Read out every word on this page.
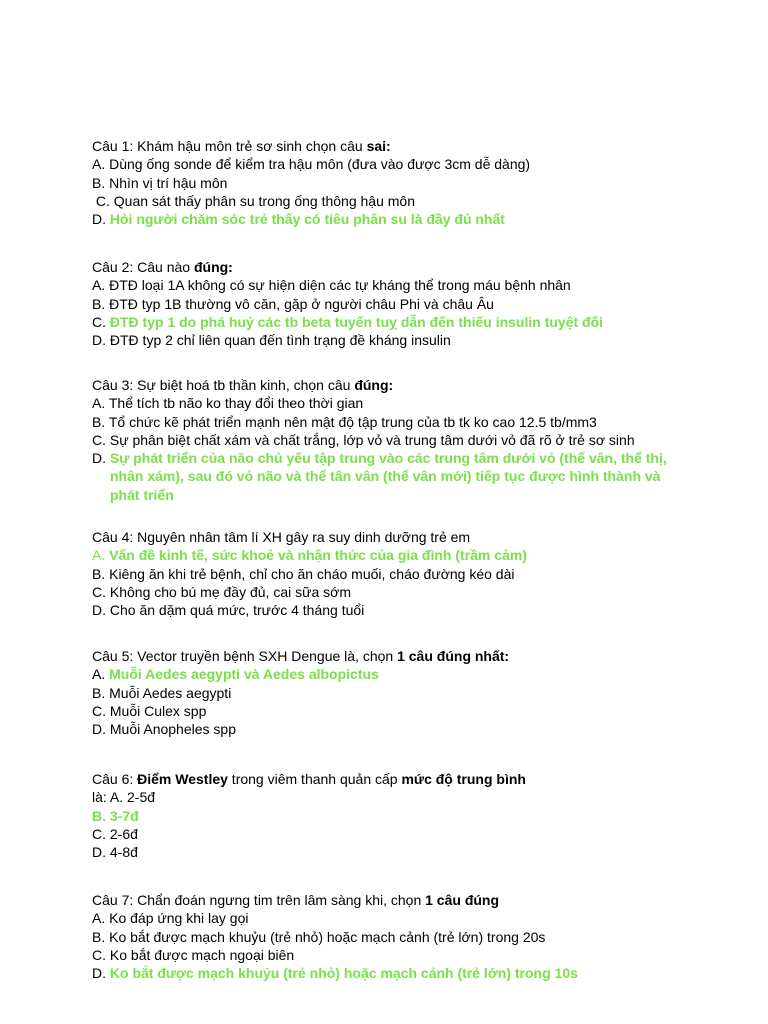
Câu 1: Khám hậu môn trẻ sơ sinh chọn câu sai:
A. Dùng ống sonde để kiểm tra hậu môn (đưa vào được 3cm dễ dàng)
B. Nhìn vị trí hậu môn
C. Quan sát thấy phân su trong ống thông hậu môn
D. Hỏi người chăm sóc trẻ thấy có tiêu phân su là đầy đủ nhất
Câu 2: Câu nào đúng:
A. ĐTĐ loại 1A không có sự hiện diện các tự kháng thể trong máu bệnh nhân
B. ĐTĐ typ 1B thường vô căn, gặp ở người châu Phi và châu Âu
C. ĐTĐ typ 1 do phá huỷ các tb beta tuyến tuỵ dẫn đến thiếu insulin tuyệt đối
D. ĐTĐ typ 2 chỉ liên quan đến tình trạng đề kháng insulin
Câu 3: Sự biệt hoá tb thần kinh, chọn câu đúng:
A. Thể tích tb não ko thay đổi theo thời gian
B. Tổ chức kẽ phát triển mạnh nên mật độ tập trung của tb tk ko cao 12.5 tb/mm3
C. Sự phân biệt chất xám và chất trắng, lớp vỏ và trung tâm dưới vỏ đã rõ ở trẻ sơ sinh
D. Sự phát triển của não chủ yếu tập trung vào các trung tâm dưới vỏ (thể vân, thể thị, nhân xám), sau đó vỏ não và thể tân vân (thể vân mới) tiếp tục được hình thành và phát triển
Câu 4: Nguyên nhân tâm lí XH gây ra suy dinh dưỡng trẻ em
A. Vấn đề kinh tế, sức khoẻ và nhận thức của gia đình (trầm cảm)
B. Kiêng ăn khi trẻ bệnh, chỉ cho ăn cháo muối, cháo đường kéo dài
C. Không cho bú mẹ đầy đủ, cai sữa sớm
D. Cho ăn dặm quá mức, trước 4 tháng tuổi
Câu 5: Vector truyền bệnh SXH Dengue là, chọn 1 câu đúng nhất:
A. Muỗi Aedes aegypti và Aedes albopictus
B. Muỗi Aedes aegypti
C. Muỗi Culex spp
D. Muỗi Anopheles spp
Câu 6: Điểm Westley trong viêm thanh quản cấp mức độ trung bình
là: A. 2-5đ
B. 3-7đ
C. 2-6đ
D. 4-8đ
Câu 7: Chẩn đoán ngưng tim trên lâm sàng khi, chọn 1 câu đúng
A. Ko đáp ứng khi lay gọi
B. Ko bắt được mạch khuỷu (trẻ nhỏ) hoặc mạch cảnh (trẻ lớn) trong 20s
C. Ko bắt được mạch ngoại biên
D. Ko bắt được mạch khuỷu (trẻ nhỏ) hoặc mạch cảnh (trẻ lớn) trong 10s
